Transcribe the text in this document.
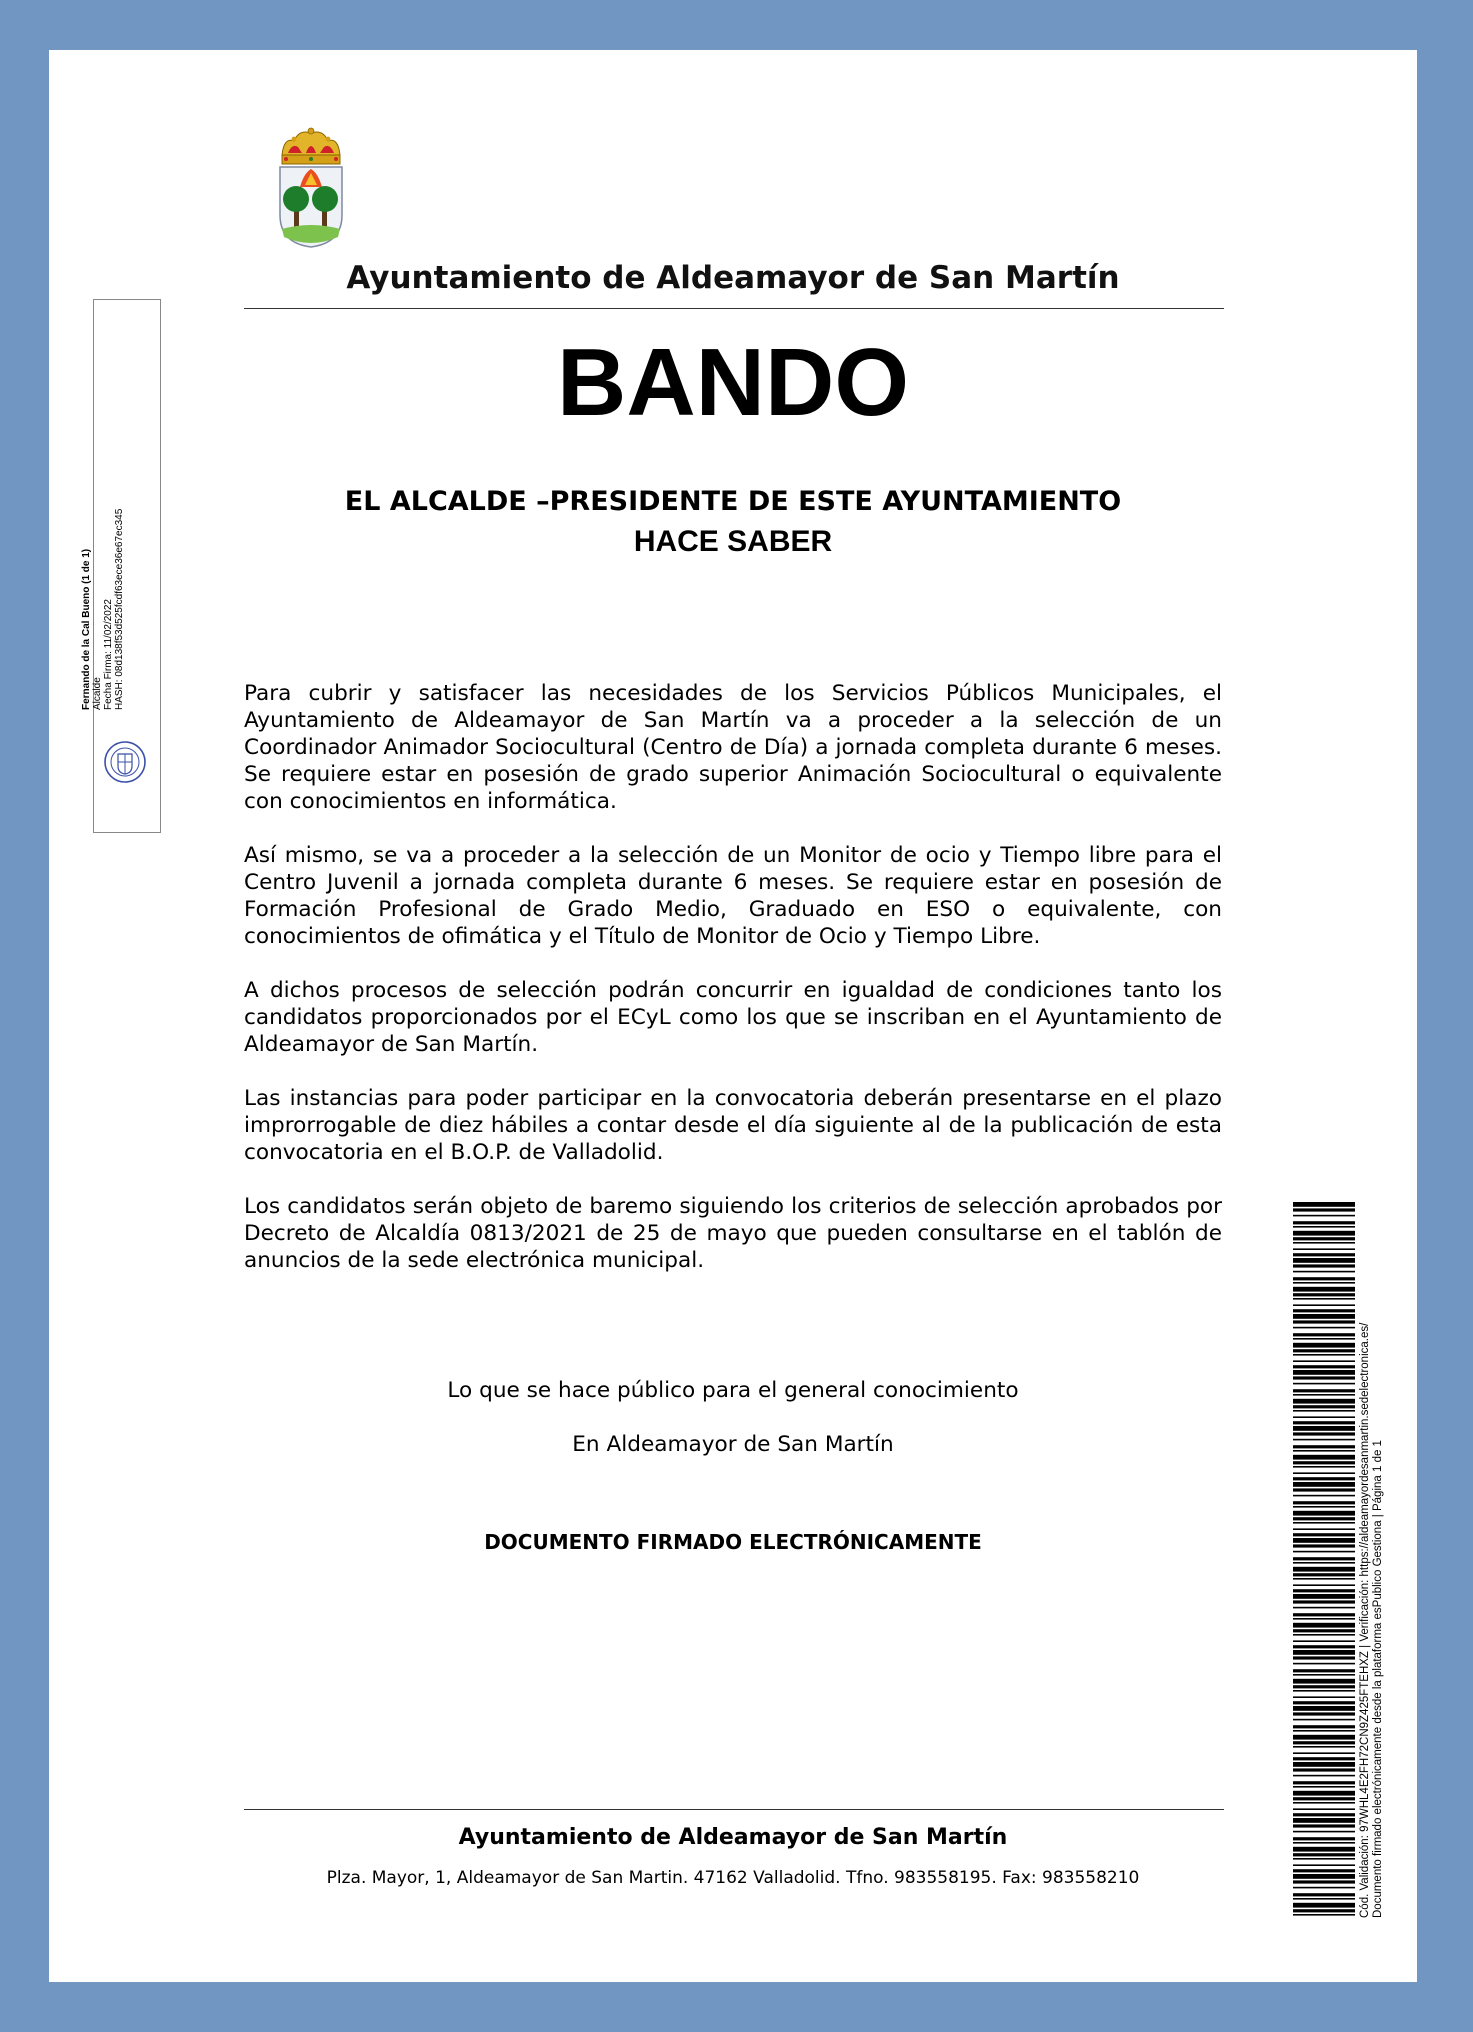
Ayuntamiento de Aldeamayor de San Martín
BANDO
EL ALCALDE –PRESIDENTE DE ESTE AYUNTAMIENTO
HACE SABER

Para cubrir y satisfacer las necesidades de los Servicios Públicos Municipales, el Ayuntamiento de Aldeamayor de San Martín va a proceder a la selección de un Coordinador Animador Sociocultural (Centro de Día) a jornada completa durante 6 meses. Se requiere estar en posesión de grado superior Animación Sociocultural o equivalente con conocimientos en informática.

Así mismo, se va a proceder a la selección de un Monitor de ocio y Tiempo libre para el Centro Juvenil a jornada completa durante 6 meses. Se requiere estar en posesión de Formación Profesional de Grado Medio, Graduado en ESO o equivalente, con conocimientos de ofimática y el Título de Monitor de Ocio y Tiempo Libre.

A dichos procesos de selección podrán concurrir en igualdad de condiciones tanto los candidatos proporcionados por el ECyL como los que se inscriban en el Ayuntamiento de Aldeamayor de San Martín.

Las instancias para poder participar en la convocatoria deberán presentarse en el plazo improrrogable de diez hábiles a contar desde el día siguiente al de la publicación de esta convocatoria en el B.O.P. de Valladolid.

Los candidatos serán objeto de baremo siguiendo los criterios de selección aprobados por Decreto de Alcaldía 0813/2021 de 25 de mayo que pueden consultarse en el tablón de anuncios de la sede electrónica municipal.

Lo que se hace público para el general conocimiento
En Aldeamayor de San Martín
DOCUMENTO FIRMADO ELECTRÓNICAMENTE
Ayuntamiento de Aldeamayor de San Martín
Plza. Mayor, 1, Aldeamayor de San Martin. 47162 Valladolid. Tfno. 983558195. Fax: 983558210
Fernando de la Cal Bueno (1 de 1) Alcalde Fecha Firma: 11/02/2022 HASH: 08d138f53d525fcdf63ece36e67ec345
Cód. Validación: 97WHL4E2FH72CN9Z425FTEHXZ | Verificación: https://aldeamayordesanmartin.sedelectronica.es/ Documento firmado electrónicamente desde la plataforma esPublico Gestiona | Página 1 de 1
